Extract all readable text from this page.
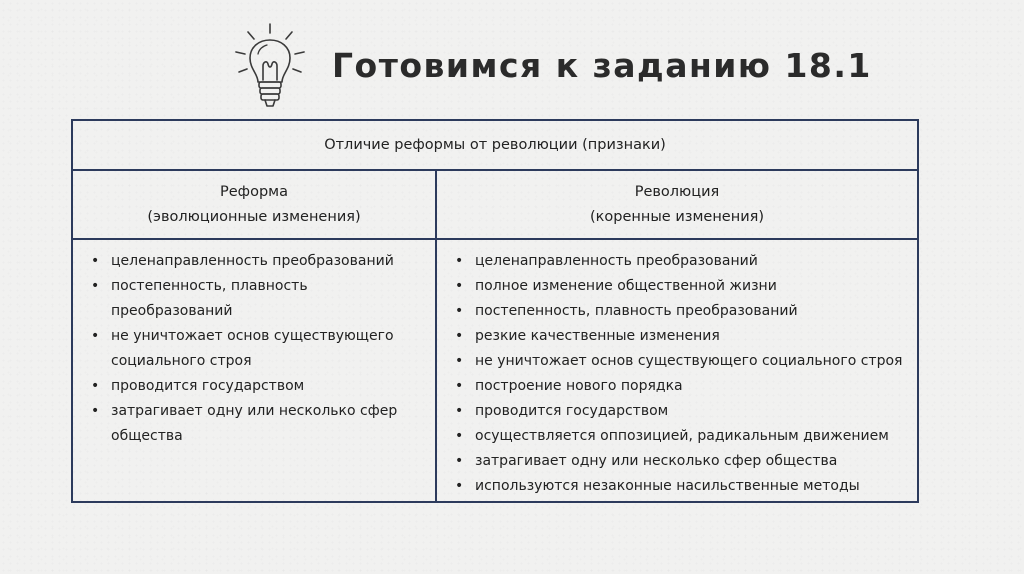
Готовимся к заданию 18.1
Отличие реформы от революции (признаки)
Реформа
(эволюционные изменения)
Революция
(коренные изменения)
• целенаправленность преобразований
• постепенность, плавность преобразований
• не уничтожает основ существующего социального строя
• проводится государством
• затрагивает одну или несколько сфер общества
• целенаправленность преобразований
• полное изменение общественной жизни
• постепенность, плавность преобразований
• резкие качественные изменения
• не уничтожает основ существующего социального строя
• построение нового порядка
• проводится государством
• осуществляется оппозицией, радикальным движением
• затрагивает одну или несколько сфер общества
• используются незаконные насильственные методы
